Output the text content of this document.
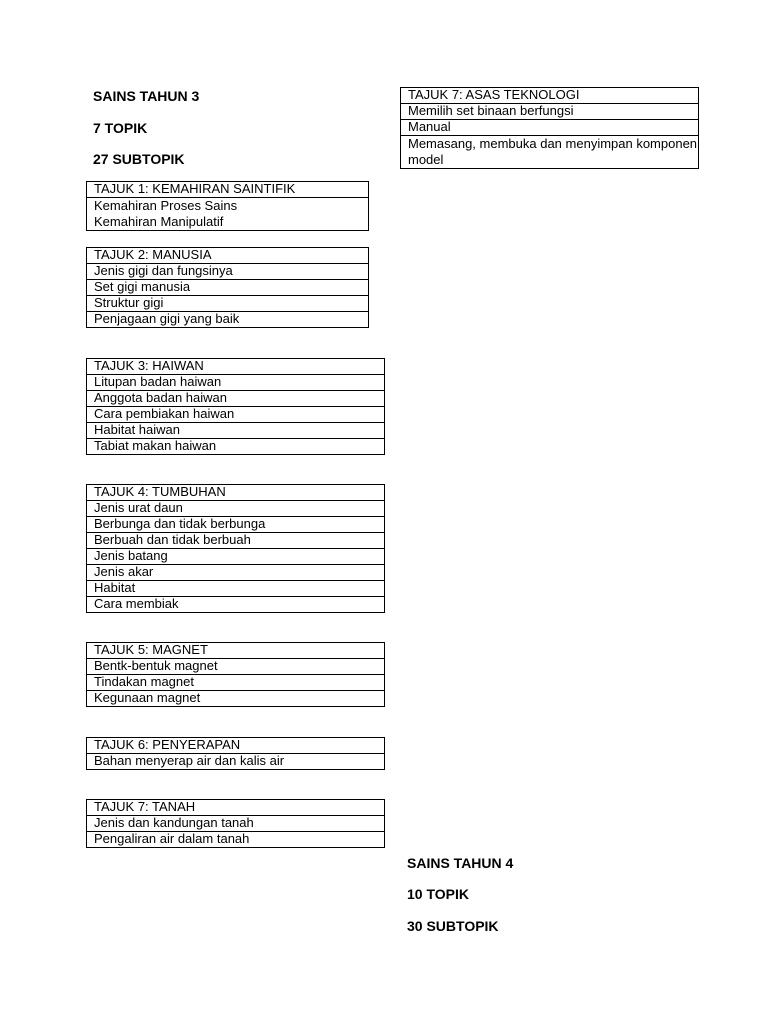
SAINS TAHUN 3
7 TOPIK
27 SUBTOPIK
TAJUK 1: KEMAHIRAN SAINTIFIK
Kemahiran Proses Sains
Kemahiran Manipulatif
TAJUK 2: MANUSIA
Jenis gigi dan fungsinya
Set gigi manusia
Struktur gigi
Penjagaan gigi yang baik
TAJUK 3: HAIWAN
Litupan badan haiwan
Anggota badan haiwan
Cara pembiakan haiwan
Habitat haiwan
Tabiat makan haiwan
TAJUK 4: TUMBUHAN
Jenis urat daun
Berbunga dan tidak berbunga
Berbuah dan tidak berbuah
Jenis batang
Jenis akar
Habitat
Cara membiak
TAJUK 5: MAGNET
Bentk-bentuk magnet
Tindakan magnet
Kegunaan magnet
TAJUK 6: PENYERAPAN
Bahan menyerap air dan kalis air
TAJUK 7: TANAH
Jenis dan kandungan tanah
Pengaliran air dalam tanah
TAJUK 7: ASAS TEKNOLOGI
Memilih set binaan berfungsi
Manual
Memasang, membuka dan menyimpan komponen model
SAINS TAHUN 4
10 TOPIK
30 SUBTOPIK
